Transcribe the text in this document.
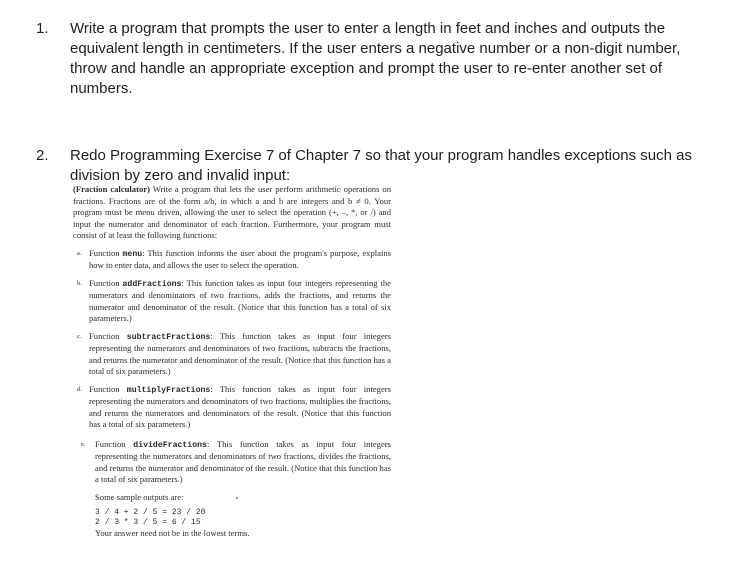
1. Write a program that prompts the user to enter a length in feet and inches and outputs the equivalent length in centimeters. If the user enters a negative number or a non-digit number, throw and handle an appropriate exception and prompt the user to re-enter another set of numbers.
2. Redo Programming Exercise 7 of Chapter 7 so that your program handles exceptions such as division by zero and invalid input:

(Fraction calculator) Write a program that lets the user perform arithmetic operations on fractions. Fractions are of the form a/b, in which a and b are integers and b ≠ 0. Your program must be menu driven, allowing the user to select the operation (+, –, *, or /) and input the numerator and denominator of each fraction. Furthermore, your program must consist of at least the following functions:

a. Function menu: This function informs the user about the program's purpose, explains how to enter data, and allows the user to select the operation.
b. Function addFractions: This function takes as input four integers representing the numerators and denominators of two fractions, adds the fractions, and returns the numerator and denominator of the result. (Notice that this function has a total of six parameters.)
c. Function subtractFractions: This function takes as input four integers representing the numerators and denominators of two fractions, subtracts the fractions, and returns the numerator and denominator of the result. (Notice that this function has a total of six parameters.)
d. Function multiplyFractions: This function takes as input four integers representing the numerators and denominators of two fractions, multiplies the fractions, and returns the numerators and denominators of the result. (Notice that this function has a total of six parameters.)
e. Function divideFractions: This function takes as input four integers representing the numerators and denominators of two fractions, divides the fractions, and returns the numerator and denominator of the result. (Notice that this function has a total of six parameters.)

Some sample outputs are:

3 / 4 + 2 / 5 = 23 / 20
2 / 3 * 3 / 5 = 6 / 15

Your answer need not be in the lowest terms.
